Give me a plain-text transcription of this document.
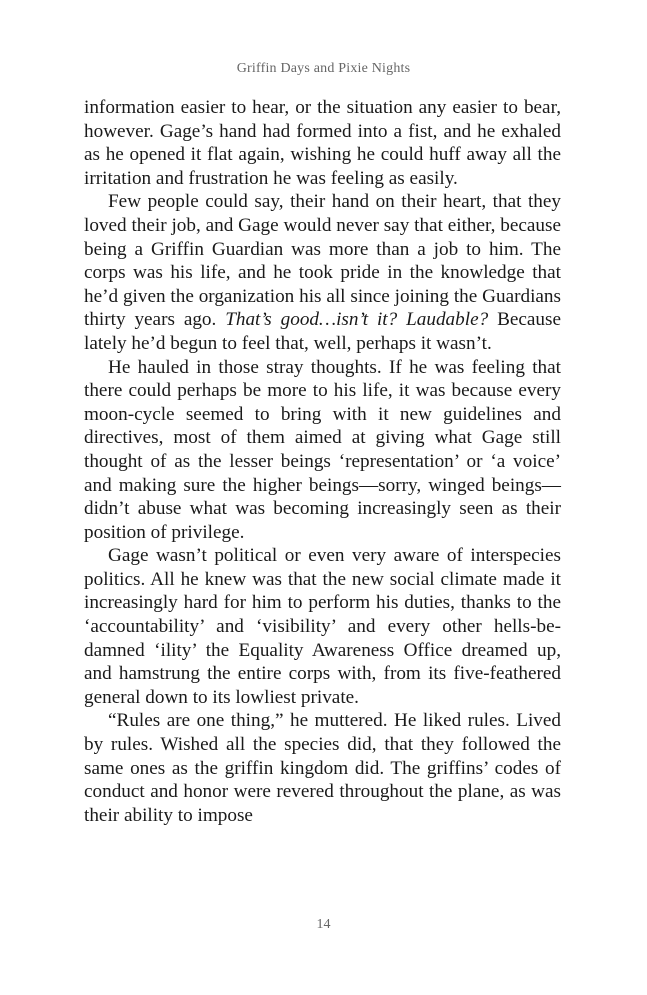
Griffin Days and Pixie Nights

information easier to hear, or the situation any easier to bear, however. Gage’s hand had formed into a fist, and he exhaled as he opened it flat again, wishing he could huff away all the irritation and frustration he was feeling as easily.

Few people could say, their hand on their heart, that they loved their job, and Gage would never say that either, because being a Griffin Guardian was more than a job to him. The corps was his life, and he took pride in the knowledge that he’d given the organization his all since joining the Guardians thirty years ago. That’s good…isn’t it? Laudable? Because lately he’d begun to feel that, well, perhaps it wasn’t.

He hauled in those stray thoughts. If he was feeling that there could perhaps be more to his life, it was because every moon-cycle seemed to bring with it new guidelines and directives, most of them aimed at giving what Gage still thought of as the lesser beings ‘representation’ or ‘a voice’ and making sure the higher beings—sorry, winged beings—didn’t abuse what was becoming increasingly seen as their position of privilege.

Gage wasn’t political or even very aware of interspecies politics. All he knew was that the new social climate made it increasingly hard for him to perform his duties, thanks to the ‘accountability’ and ‘visibility’ and every other hells-be-damned ‘ility’ the Equality Awareness Office dreamed up, and hamstrung the entire corps with, from its five-feathered general down to its lowliest private.

“Rules are one thing,” he muttered. He liked rules. Lived by rules. Wished all the species did, that they followed the same ones as the griffin kingdom did. The griffins’ codes of conduct and honor were revered throughout the plane, as was their ability to impose

14
